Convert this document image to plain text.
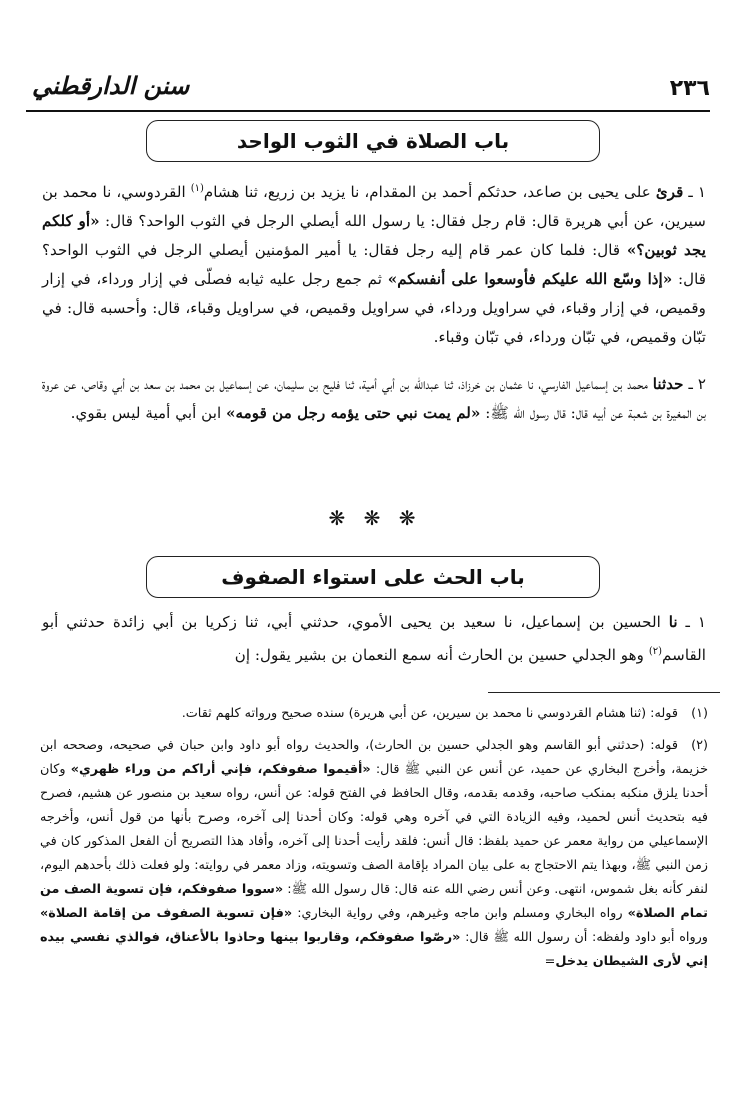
٢٣٦
سنن الدارقطني
باب الصلاة في الثوب الواحد
١ ـ قرئ على يحيى بن صاعد، حدثكم أحمد بن المقدام، نا يزيد بن زريع، ثنا هشام$^{(١)}$ القردوسي، نا محمد بن سيرين، عن أبي هريرة قال: قام رجل فقال: يا رسول الله أيصلي الرجل في الثوب الواحد؟ قال: «أو كلكم يجد ثوبين؟» قال: فلما كان عمر قام إليه رجل فقال: يا أمير المؤمنين أيصلي الرجل في الثوب الواحد؟ قال: «إذا وسّع الله عليكم فأوسعوا على أنفسكم» ثم جمع رجل عليه ثيابه فصلّى في إزار ورداء، في إزار وقميص، في إزار وقباء، في سراويل ورداء، في سراويل وقميص، في سراويل وقباء، قال: وأحسبه قال: في تبّان وقميص، في تبّان ورداء، في تبّان وقباء.
٢ ـ حدثنا محمد بن إسماعيل الفارسي، نا عثمان بن خرزاذ، ثنا عبدالله بن أبي أمية، ثنا فليح بن سليمان، عن إسماعيل بن محمد بن سعد بن أبي وقاص، عن عروة بن المغيرة بن شعبة عن أبيه قال: قال رسول الله ﷺ: «لم يمت نبي حتى يؤمه رجل من قومه» ابن أبي أمية ليس بقوي.
❋ ❋ ❋
باب الحث على استواء الصفوف
١ ـ نا الحسين بن إسماعيل، نا سعيد بن يحيى الأموي، حدثني أبي، ثنا زكريا بن أبي زائدة حدثني أبو القاسم$^{(٢)}$ وهو الجدلي حسين بن الحارث أنه سمع النعمان بن بشير يقول: إن
(١)قوله: (ثنا هشام القردوسي نا محمد بن سيرين، عن أبي هريرة) سنده صحيح ورواته كلهم ثقات.
(٢)قوله: (حدثني أبو القاسم وهو الجدلي حسين بن الحارث)، والحديث رواه أبو داود وابن حبان في صحيحه، وصححه ابن خزيمة، وأخرج البخاري عن حميد، عن أنس عن النبي ﷺ قال: «أقيموا صفوفكم، فإني أراكم من وراء ظهري» وكان أحدنا يلزق منكبه بمنكب صاحبه، وقدمه بقدمه، وقال الحافظ في الفتح قوله: عن أنس، رواه سعيد بن منصور عن هشيم، فصرح فيه بتحديث أنس لحميد، وفيه الزيادة التي في آخره وهي قوله: وكان أحدنا إلى آخره، وصرح بأنها من قول أنس، وأخرجه الإسماعيلي من رواية معمر عن حميد بلفظ: قال أنس: فلقد رأيت أحدنا إلى آخره، وأفاد هذا التصريح أن الفعل المذكور كان في زمن النبي ﷺ، وبهذا يتم الاحتجاج به على بيان المراد بإقامة الصف وتسويته، وزاد معمر في روايته: ولو فعلت ذلك بأحدهم اليوم، لنفر كأنه بغل شموس، انتهى. وعن أنس رضي الله عنه قال: قال رسول الله ﷺ: «سووا صفوفكم، فإن تسوية الصف من تمام الصلاة» رواه البخاري ومسلم وابن ماجه وغيرهم، وفي رواية البخاري: «فإن تسوية الصفوف من إقامة الصلاة» ورواه أبو داود ولفظه: أن رسول الله ﷺ قال: «رصّوا صفوفكم، وقاربوا بينها وحاذوا بالأعناق، فوالذي نفسي بيده إني لأرى الشيطان يدخل=
